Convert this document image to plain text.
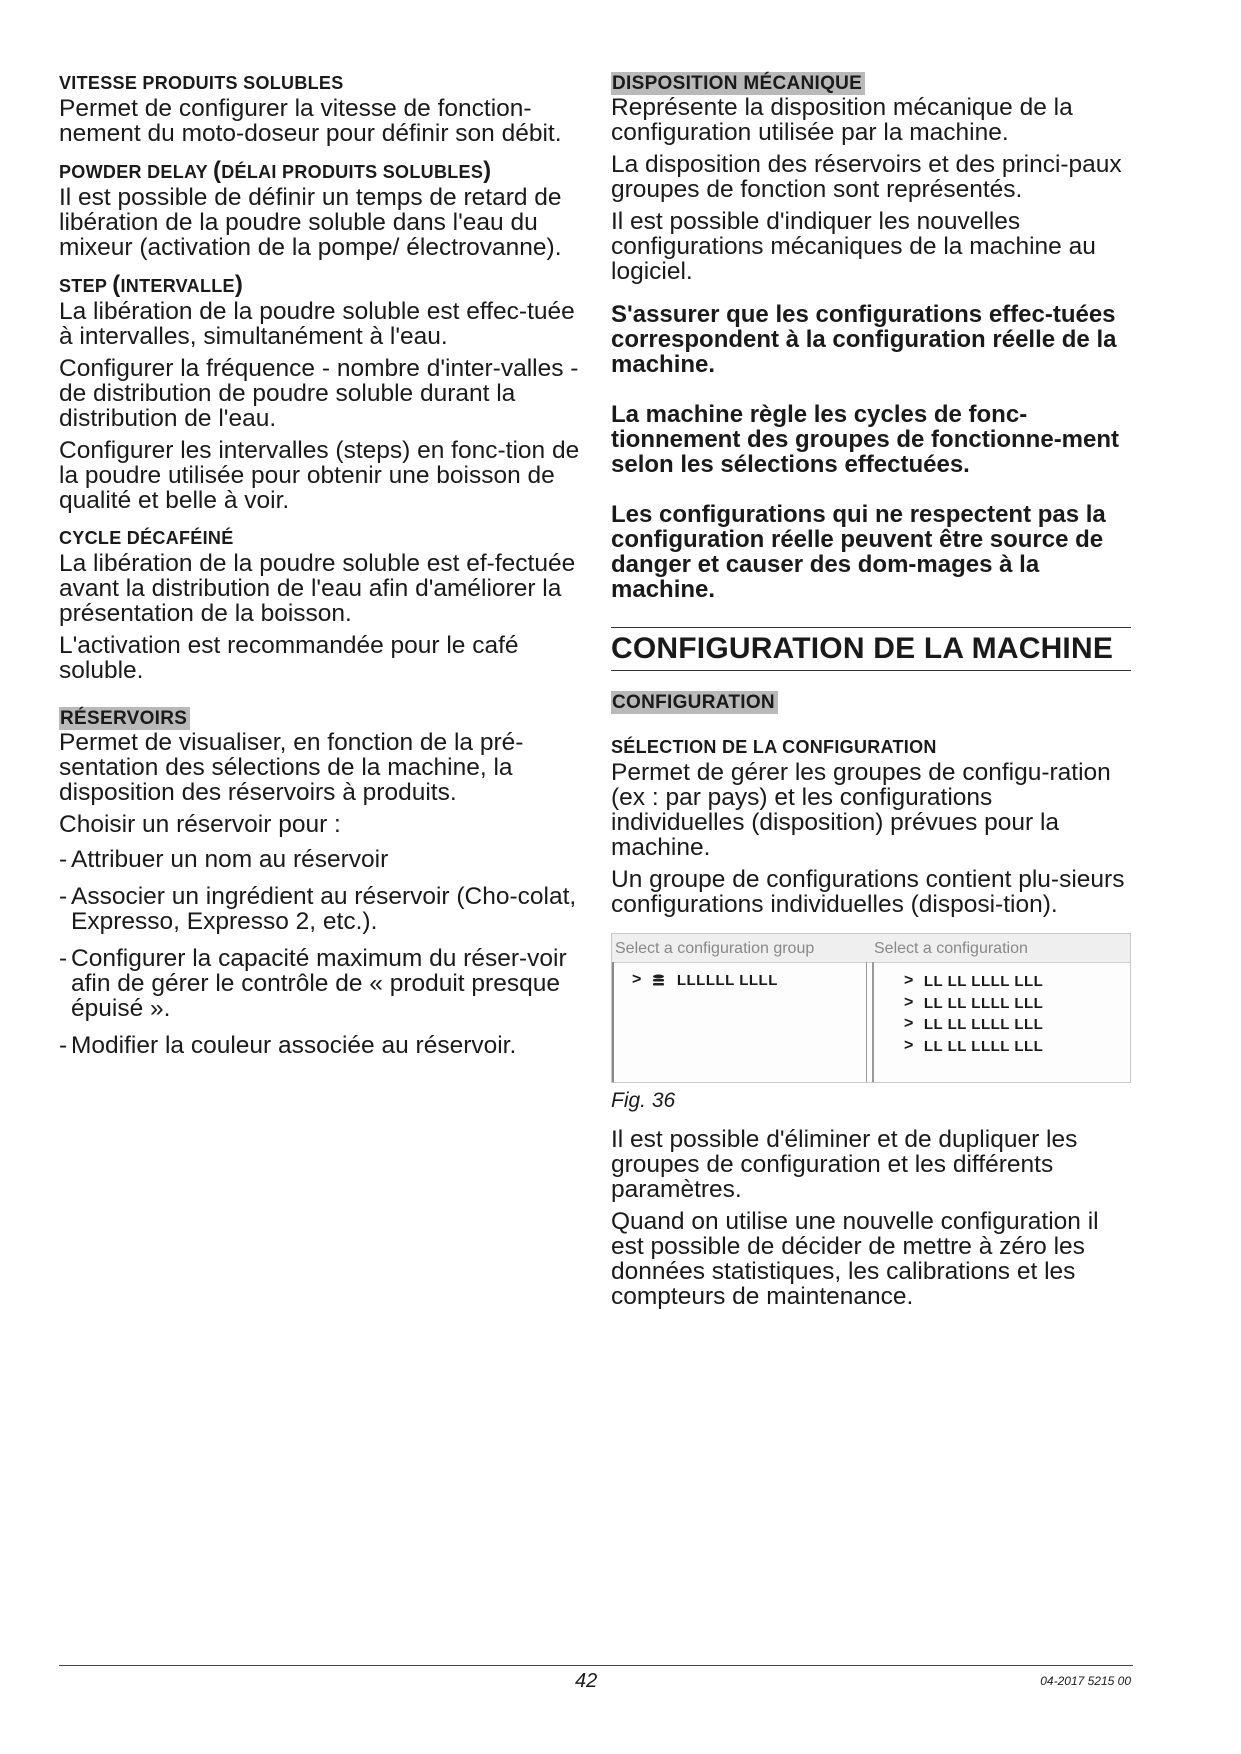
VITESSE PRODUITS SOLUBLES
Permet de configurer la vitesse de fonction-nement du moto-doseur pour définir son débit.
POWDER DELAY (DÉLAI PRODUITS SOLUBLES)
Il est possible de définir un temps de retard de libération de la poudre soluble dans l'eau du mixeur (activation de la pompe/ électrovanne).
STEP (INTERVALLE)
La libération de la poudre soluble est effec-tuée à intervalles, simultanément à l'eau.
Configurer la fréquence - nombre d'inter-valles - de distribution de poudre soluble durant la distribution de l'eau.
Configurer les intervalles (steps) en fonc-tion de la poudre utilisée pour obtenir une boisson de qualité et belle à voir.
CYCLE DÉCAFÉINÉ
La libération de la poudre soluble est ef-fectuée avant la distribution de l'eau afin d'améliorer la présentation de la boisson.
L'activation est recommandée pour le café soluble.
RÉSERVOIRS
Permet de visualiser, en fonction de la pré-sentation des sélections de la machine, la disposition des réservoirs à produits.
Choisir un réservoir pour :
- Attribuer un nom au réservoir
- Associer un ingrédient au réservoir (Cho-colat, Expresso, Expresso 2, etc.).
- Configurer la capacité maximum du réser-voir afin de gérer le contrôle de « produit presque épuisé ».
- Modifier la couleur associée au réservoir.
DISPOSITION MÉCANIQUE
Représente la disposition mécanique de la configuration utilisée par la machine.
La disposition des réservoirs et des princi-paux groupes de fonction sont représentés.
Il est possible d'indiquer les nouvelles configurations mécaniques de la machine au logiciel.
S'assurer que les configurations effec-tuées correspondent à la configuration réelle de la machine.
La machine règle les cycles de fonc-tionnement des groupes de fonctionne-ment selon les sélections effectuées.
Les configurations qui ne respectent pas la configuration réelle peuvent être source de danger et causer des dom-mages à la machine.
CONFIGURATION DE LA MACHINE
CONFIGURATION
SÉLECTION DE LA CONFIGURATION
Permet de gérer les groupes de configu-ration (ex : par pays) et les configurations individuelles (disposition) prévues pour la machine.
Un groupe de configurations contient plu-sieurs configurations individuelles (disposi-tion).
Select a configuration group	Select a configuration
> LLLLLL LLLL	> LL LL LLLL LLL
> LL LL LLLL LLL
> LL LL LLLL LLL
> LL LL LLLL LLL
Fig. 36
Il est possible d'éliminer et de dupliquer les groupes de configuration et les différents paramètres.
Quand on utilise une nouvelle configuration il est possible de décider de mettre à zéro les données statistiques, les calibrations et les compteurs de maintenance.
42	04-2017 5215 00
